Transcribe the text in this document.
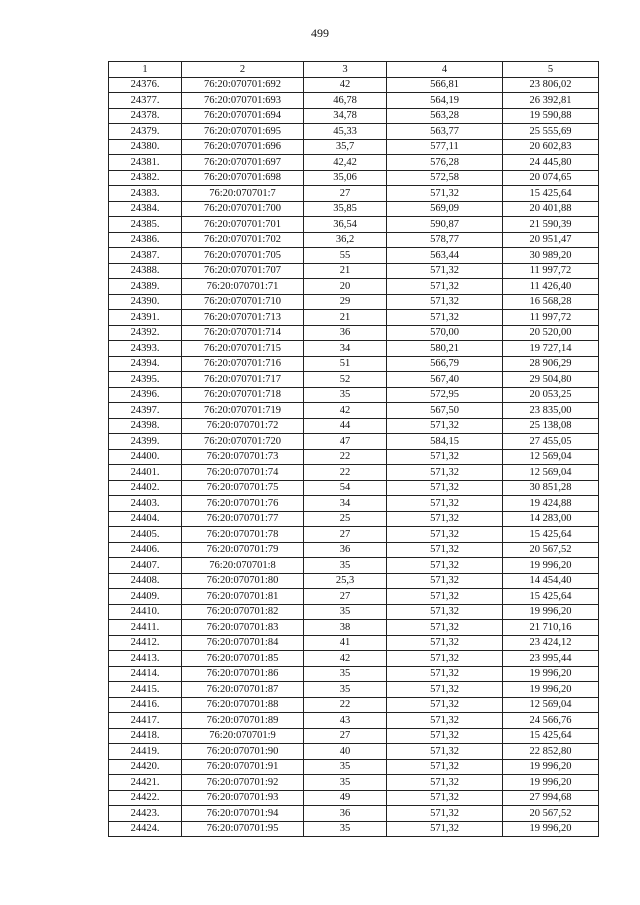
499
1	2	3	4	5
24376.	76:20:070701:692	42	566,81	23 806,02
24377.	76:20:070701:693	46,78	564,19	26 392,81
24378.	76:20:070701:694	34,78	563,28	19 590,88
24379.	76:20:070701:695	45,33	563,77	25 555,69
24380.	76:20:070701:696	35,7	577,11	20 602,83
24381.	76:20:070701:697	42,42	576,28	24 445,80
24382.	76:20:070701:698	35,06	572,58	20 074,65
24383.	76:20:070701:7	27	571,32	15 425,64
24384.	76:20:070701:700	35,85	569,09	20 401,88
24385.	76:20:070701:701	36,54	590,87	21 590,39
24386.	76:20:070701:702	36,2	578,77	20 951,47
24387.	76:20:070701:705	55	563,44	30 989,20
24388.	76:20:070701:707	21	571,32	11 997,72
24389.	76:20:070701:71	20	571,32	11 426,40
24390.	76:20:070701:710	29	571,32	16 568,28
24391.	76:20:070701:713	21	571,32	11 997,72
24392.	76:20:070701:714	36	570,00	20 520,00
24393.	76:20:070701:715	34	580,21	19 727,14
24394.	76:20:070701:716	51	566,79	28 906,29
24395.	76:20:070701:717	52	567,40	29 504,80
24396.	76:20:070701:718	35	572,95	20 053,25
24397.	76:20:070701:719	42	567,50	23 835,00
24398.	76:20:070701:72	44	571,32	25 138,08
24399.	76:20:070701:720	47	584,15	27 455,05
24400.	76:20:070701:73	22	571,32	12 569,04
24401.	76:20:070701:74	22	571,32	12 569,04
24402.	76:20:070701:75	54	571,32	30 851,28
24403.	76:20:070701:76	34	571,32	19 424,88
24404.	76:20:070701:77	25	571,32	14 283,00
24405.	76:20:070701:78	27	571,32	15 425,64
24406.	76:20:070701:79	36	571,32	20 567,52
24407.	76:20:070701:8	35	571,32	19 996,20
24408.	76:20:070701:80	25,3	571,32	14 454,40
24409.	76:20:070701:81	27	571,32	15 425,64
24410.	76:20:070701:82	35	571,32	19 996,20
24411.	76:20:070701:83	38	571,32	21 710,16
24412.	76:20:070701:84	41	571,32	23 424,12
24413.	76:20:070701:85	42	571,32	23 995,44
24414.	76:20:070701:86	35	571,32	19 996,20
24415.	76:20:070701:87	35	571,32	19 996,20
24416.	76:20:070701:88	22	571,32	12 569,04
24417.	76:20:070701:89	43	571,32	24 566,76
24418.	76:20:070701:9	27	571,32	15 425,64
24419.	76:20:070701:90	40	571,32	22 852,80
24420.	76:20:070701:91	35	571,32	19 996,20
24421.	76:20:070701:92	35	571,32	19 996,20
24422.	76:20:070701:93	49	571,32	27 994,68
24423.	76:20:070701:94	36	571,32	20 567,52
24424.	76:20:070701:95	35	571,32	19 996,20
